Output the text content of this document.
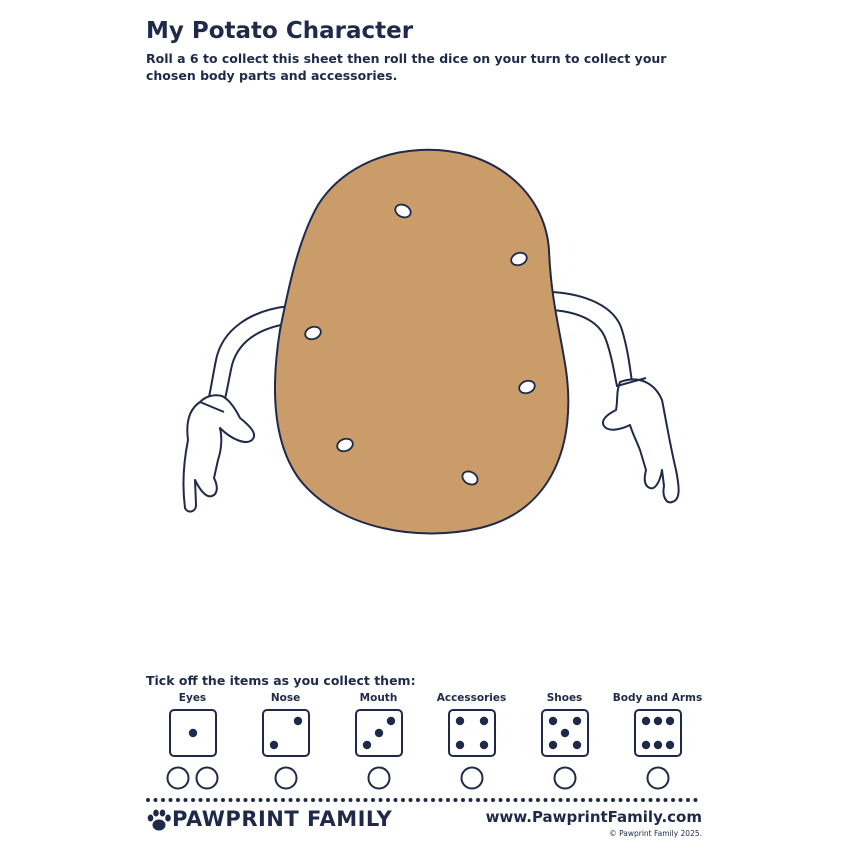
My Potato Character

Roll a 6 to collect this sheet then roll the dice on your turn to collect your chosen body parts and accessories.

Tick off the items as you collect them:
Eyes	Nose	Mouth	Accessories	Shoes	Body and Arms
PAWPRINT FAMILY	www.PawprintFamily.com
© Pawprint Family 2025.
